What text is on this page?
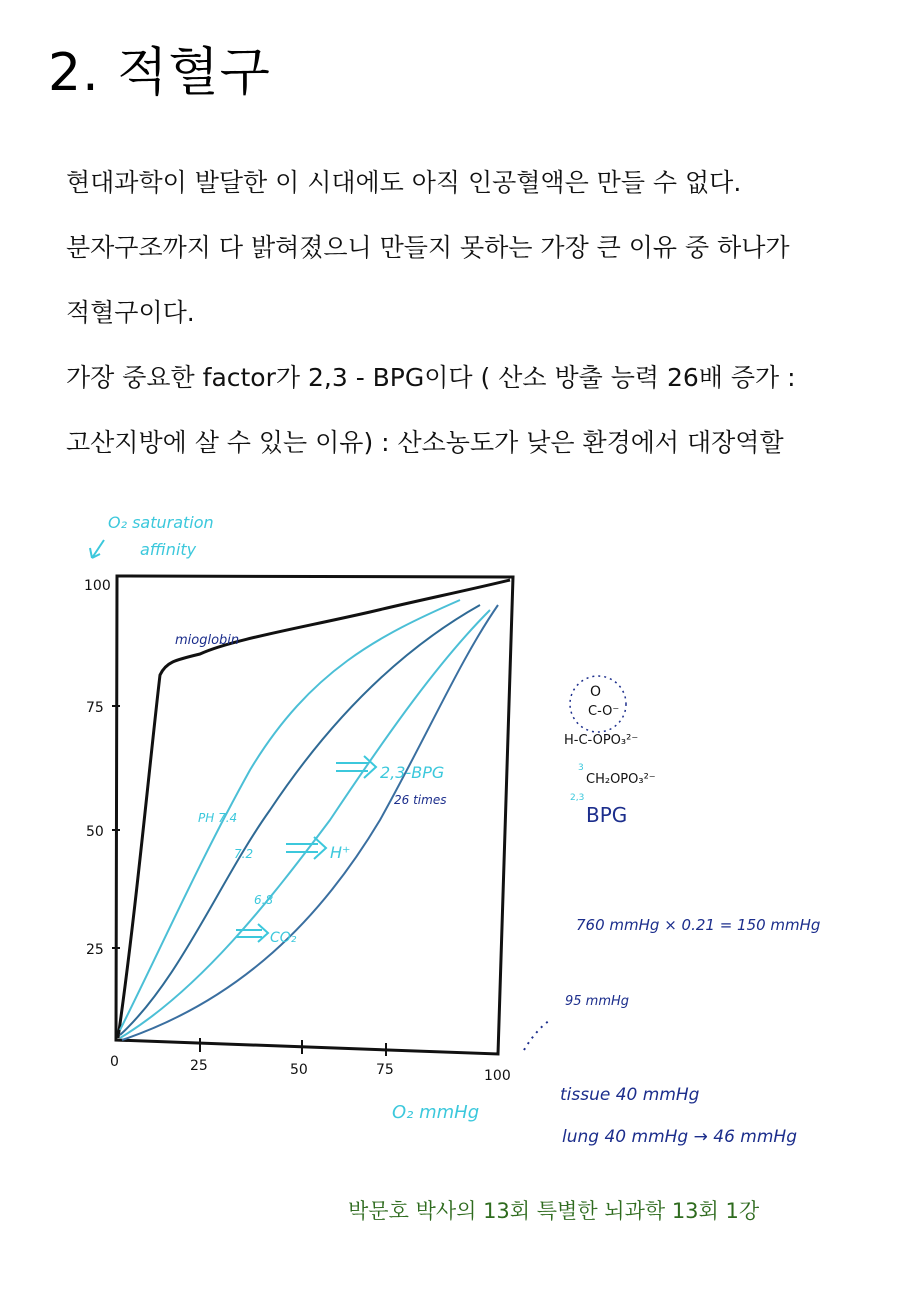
2. 적혈구
현대과학이 발달한 이 시대에도 아직 인공혈액은 만들 수 없다.
분자구조까지 다 밝혀졌으니 만들지 못하는 가장 큰 이유 중 하나가
적혈구이다.
가장 중요한 factor가 2,3 - BPG이다 ( 산소 방출 능력 26배 증가 :
고산지방에 살 수 있는 이유) : 산소농도가 낮은 환경에서 대장역할
O₂ saturation
affinity
100
75
50
25
0	25	50	75	100
O₂ mmHg
mioglobin
PH 7.4
7.2
6.8
2,3-BPG
26 times
H⁺
CO₂
O
C-O⁻
H-C-OPO₃²⁻
3
CH₂OPO₃²⁻
2,3
BPG
760 mmHg × 0.21 = 150 mmHg
95 mmHg
tissue 40 mmHg
lung 40 mmHg → 46 mmHg
박문호 박사의 13회 특별한 뇌과학 13회 1강
